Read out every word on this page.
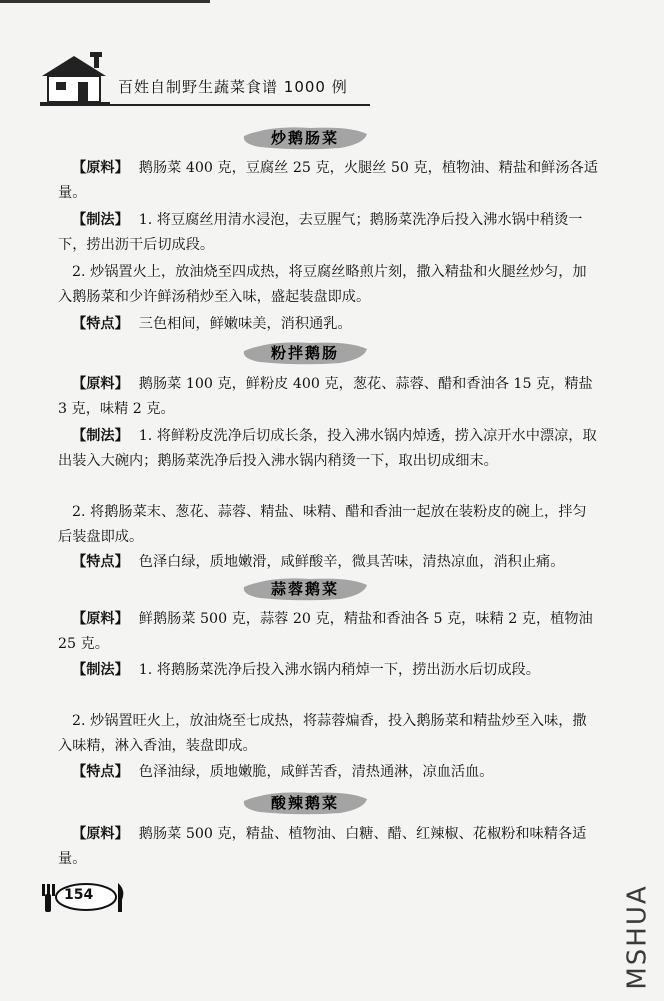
百姓自制野生蔬菜食谱 1000 例
炒鹅肠菜

【原料】 鹅肠菜 400 克，豆腐丝 25 克，火腿丝 50 克，植物油、精盐和鲜汤各适量。

【制法】 1. 将豆腐丝用清水浸泡，去豆腥气；鹅肠菜洗净后投入沸水锅中稍烫一下，捞出沥干后切成段。

2. 炒锅置火上，放油烧至四成热，将豆腐丝略煎片刻，撒入精盐和火腿丝炒匀，加入鹅肠菜和少许鲜汤稍炒至入味，盛起装盘即成。

【特点】 三色相间，鲜嫩味美，消积通乳。

粉拌鹅肠

【原料】 鹅肠菜 100 克，鲜粉皮 400 克，葱花、蒜蓉、醋和香油各 15 克，精盐 3 克，味精 2 克。

【制法】 1. 将鲜粉皮洗净后切成长条，投入沸水锅内焯透，捞入凉开水中漂凉，取出装入大碗内；鹅肠菜洗净后投入沸水锅内稍烫一下，取出切成细末。

2. 将鹅肠菜末、葱花、蒜蓉、精盐、味精、醋和香油一起放在装粉皮的碗上，拌匀后装盘即成。

【特点】 色泽白绿，质地嫩滑，咸鲜酸辛，微具苦味，清热凉血，消积止痛。

蒜蓉鹅菜

【原料】 鲜鹅肠菜 500 克，蒜蓉 20 克，精盐和香油各 5 克，味精 2 克，植物油 25 克。

【制法】 1. 将鹅肠菜洗净后投入沸水锅内稍焯一下，捞出沥水后切成段。

2. 炒锅置旺火上，放油烧至七成热，将蒜蓉煸香，投入鹅肠菜和精盐炒至入味，撒入味精，淋入香油，装盘即成。

【特点】 色泽油绿，质地嫩脆，咸鲜苦香，清热通淋，凉血活血。

酸辣鹅菜

【原料】 鹅肠菜 500 克，精盐、植物油、白糖、醋、红辣椒、花椒粉和味精各适量。

154	MSHUA
